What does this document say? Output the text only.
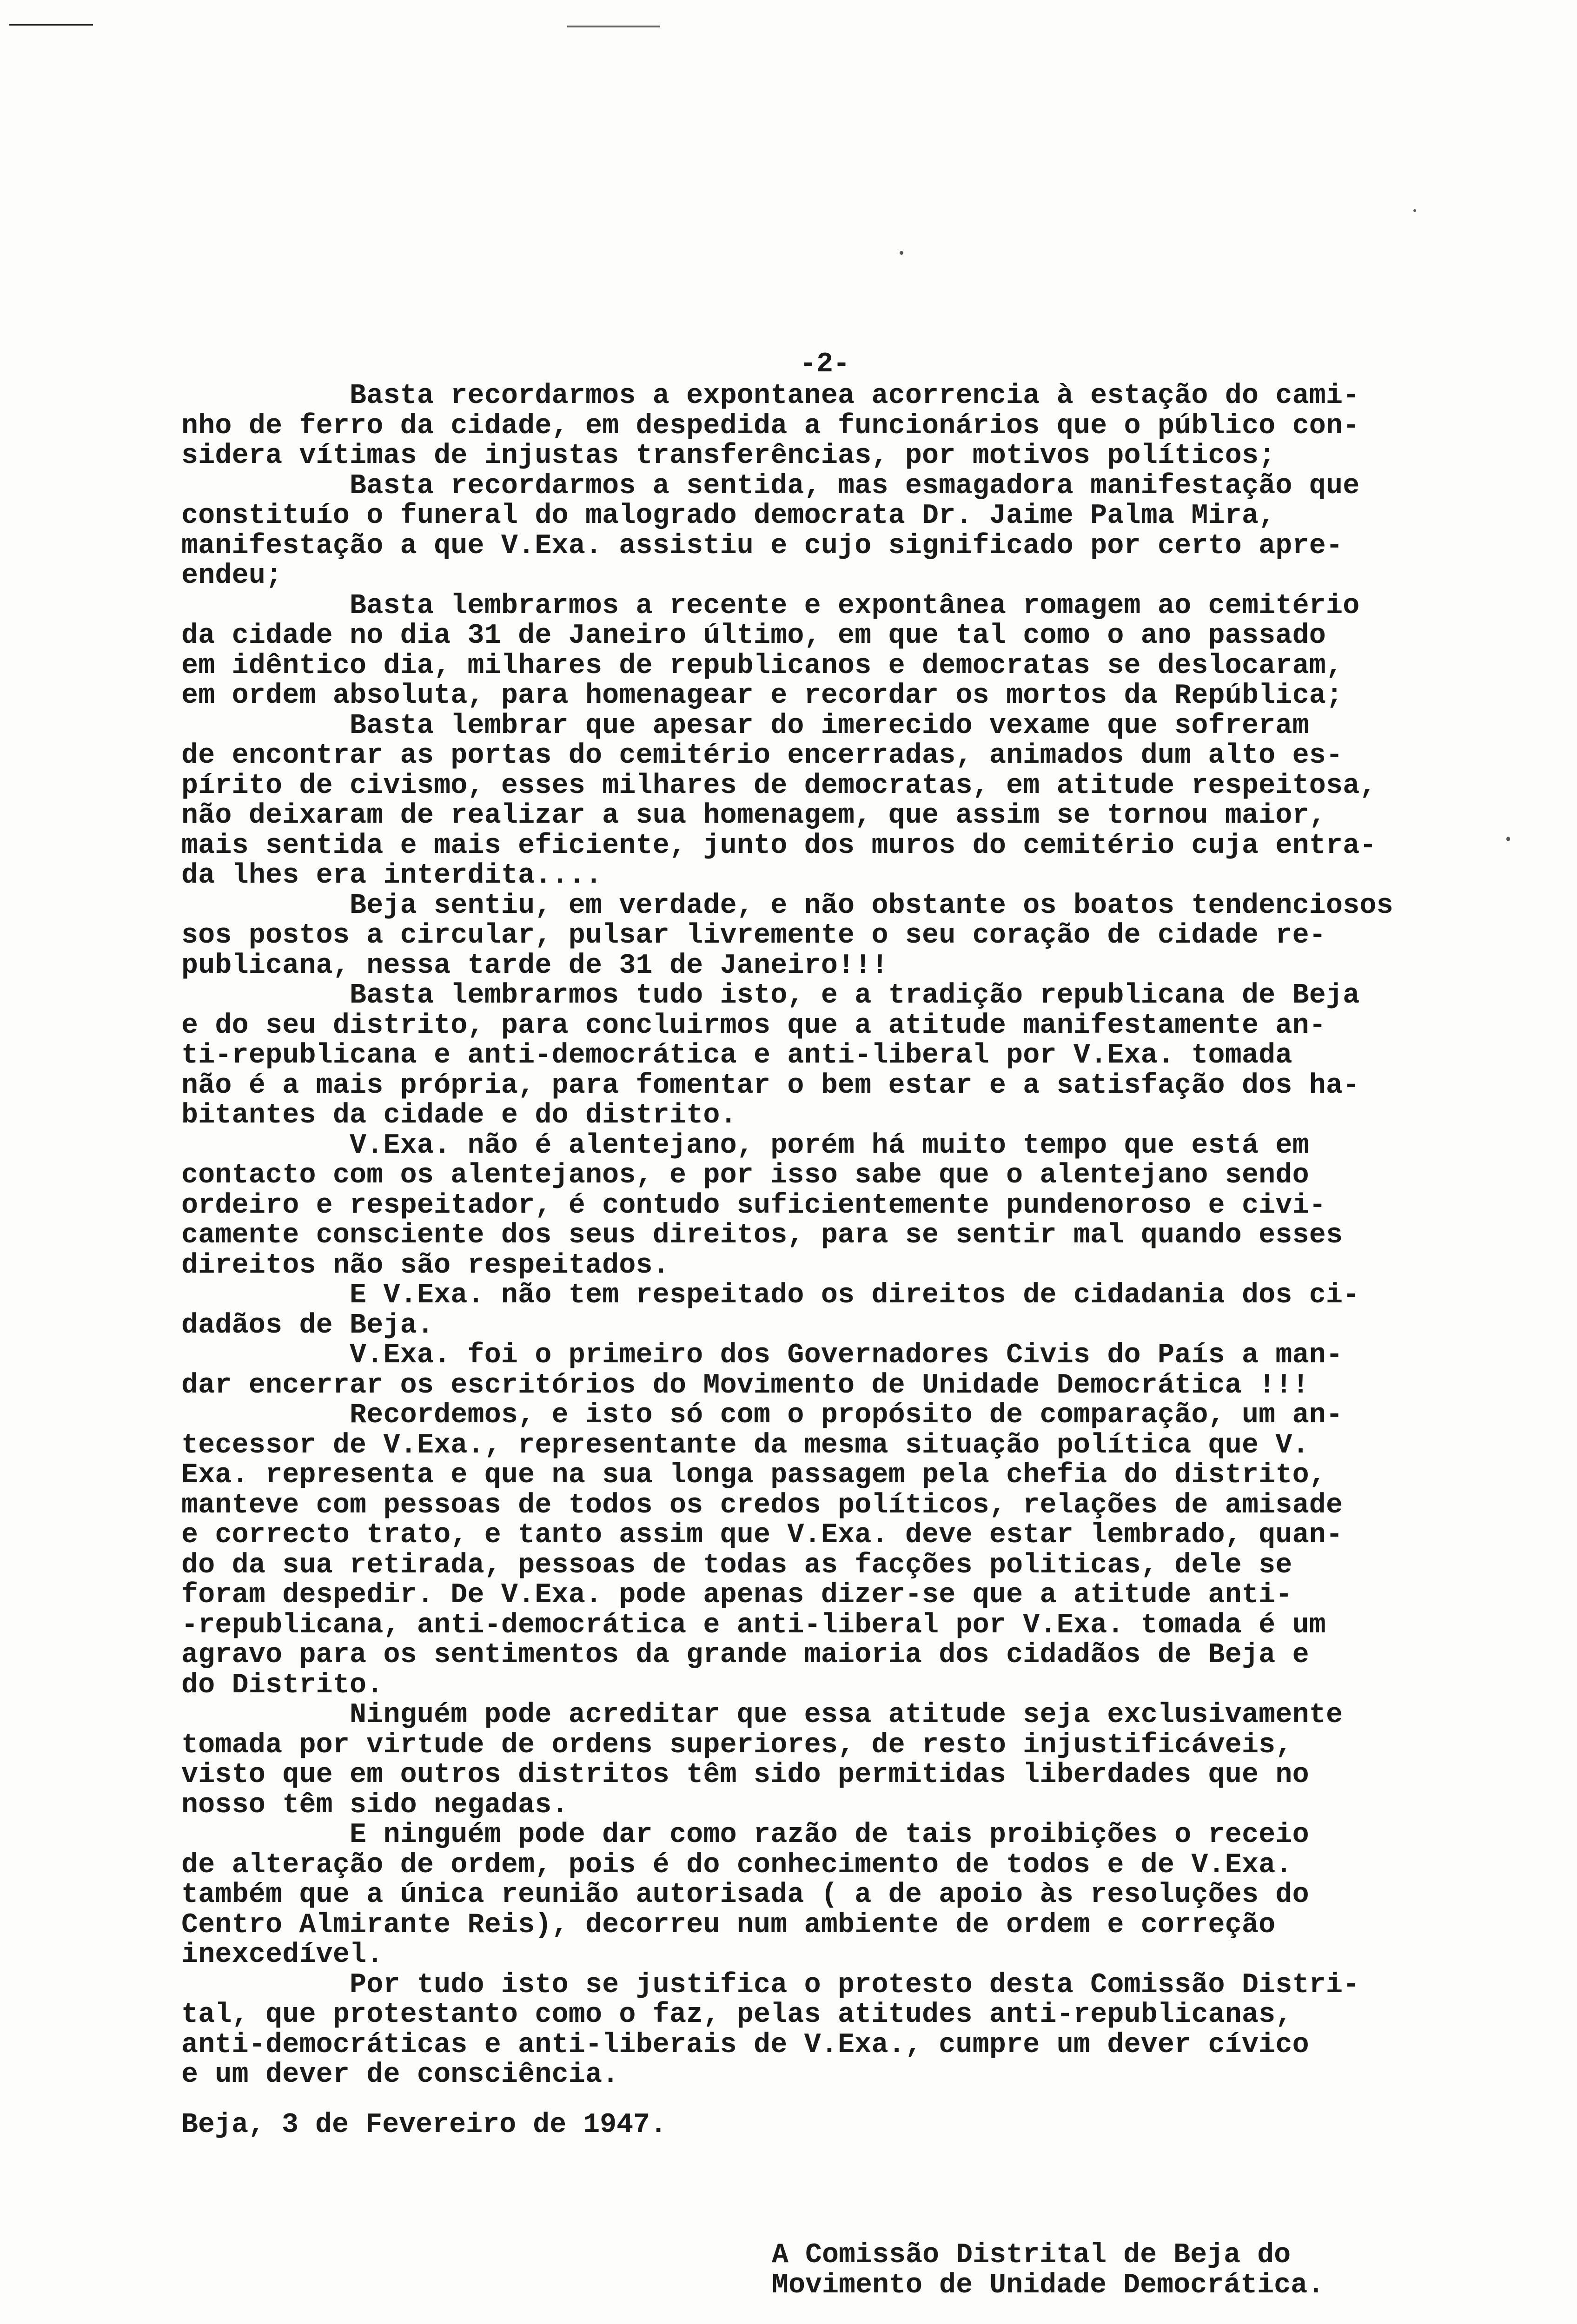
-2-
Basta recordarmos a expontanea acorrencia à estação do cami-
nho de ferro da cidade, em despedida a funcionários que o público con-
sidera vítimas de injustas transferências, por motivos políticos;
Basta recordarmos a sentida, mas esmagadora manifestação que
constituío o funeral do malogrado democrata Dr. Jaime Palma Mira,
manifestação a que V.Exa. assistiu e cujo significado por certo apre-
endeu;
Basta lembrarmos a recente e expontânea romagem ao cemitério
da cidade no dia 31 de Janeiro último, em que tal como o ano passado
em idêntico dia, milhares de republicanos e democratas se deslocaram,
em ordem absoluta, para homenagear e recordar os mortos da República;
Basta lembrar que apesar do imerecido vexame que sofreram
de encontrar as portas do cemitério encerradas, animados dum alto es-
pírito de civismo, esses milhares de democratas, em atitude respeitosa,
não deixaram de realizar a sua homenagem, que assim se tornou maior,
mais sentida e mais eficiente, junto dos muros do cemitério cuja entra-
da lhes era interdita....
Beja sentiu, em verdade, e não obstante os boatos tendenciosos
sos postos a circular, pulsar livremente o seu coração de cidade re-
publicana, nessa tarde de 31 de Janeiro!!!
Basta lembrarmos tudo isto, e a tradição republicana de Beja
e do seu distrito, para concluirmos que a atitude manifestamente an-
ti-republicana e anti-democrática e anti-liberal por V.Exa. tomada
não é a mais própria, para fomentar o bem estar e a satisfação dos ha-
bitantes da cidade e do distrito.
V.Exa. não é alentejano, porém há muito tempo que está em
contacto com os alentejanos, e por isso sabe que o alentejano sendo
ordeiro e respeitador, é contudo suficientemente pundenoroso e civi-
camente consciente dos seus direitos, para se sentir mal quando esses
direitos não são respeitados.
E V.Exa. não tem respeitado os direitos de cidadania dos ci-
dadãos de Beja.
V.Exa. foi o primeiro dos Governadores Civis do País a man-
dar encerrar os escritórios do Movimento de Unidade Democrática !!!
Recordemos, e isto só com o propósito de comparação, um an-
tecessor de V.Exa., representante da mesma situação política que V.
Exa. representa e que na sua longa passagem pela chefia do distrito,
manteve com pessoas de todos os credos políticos, relações de amisade
e correcto trato, e tanto assim que V.Exa. deve estar lembrado, quan-
do da sua retirada, pessoas de todas as facções politicas, dele se
foram despedir. De V.Exa. pode apenas dizer-se que a atitude anti-
-republicana, anti-democrática e anti-liberal por V.Exa. tomada é um
agravo para os sentimentos da grande maioria dos cidadãos de Beja e
do Distrito.
Ninguém pode acreditar que essa atitude seja exclusivamente
tomada por virtude de ordens superiores, de resto injustificáveis,
visto que em outros distritos têm sido permitidas liberdades que no
nosso têm sido negadas.
E ninguém pode dar como razão de tais proibições o receio
de alteração de ordem, pois é do conhecimento de todos e de V.Exa.
também que a única reunião autorisada ( a de apoio às resoluções do
Centro Almirante Reis), decorreu num ambiente de ordem e correção
inexcedível.
Por tudo isto se justifica o protesto desta Comissão Distri-
tal, que protestanto como o faz, pelas atitudes anti-republicanas,
anti-democráticas e anti-liberais de V.Exa., cumpre um dever cívico
e um dever de consciência.
Beja, 3 de Fevereiro de 1947.
A Comissão Distrital de Beja do
Movimento de Unidade Democrática.
